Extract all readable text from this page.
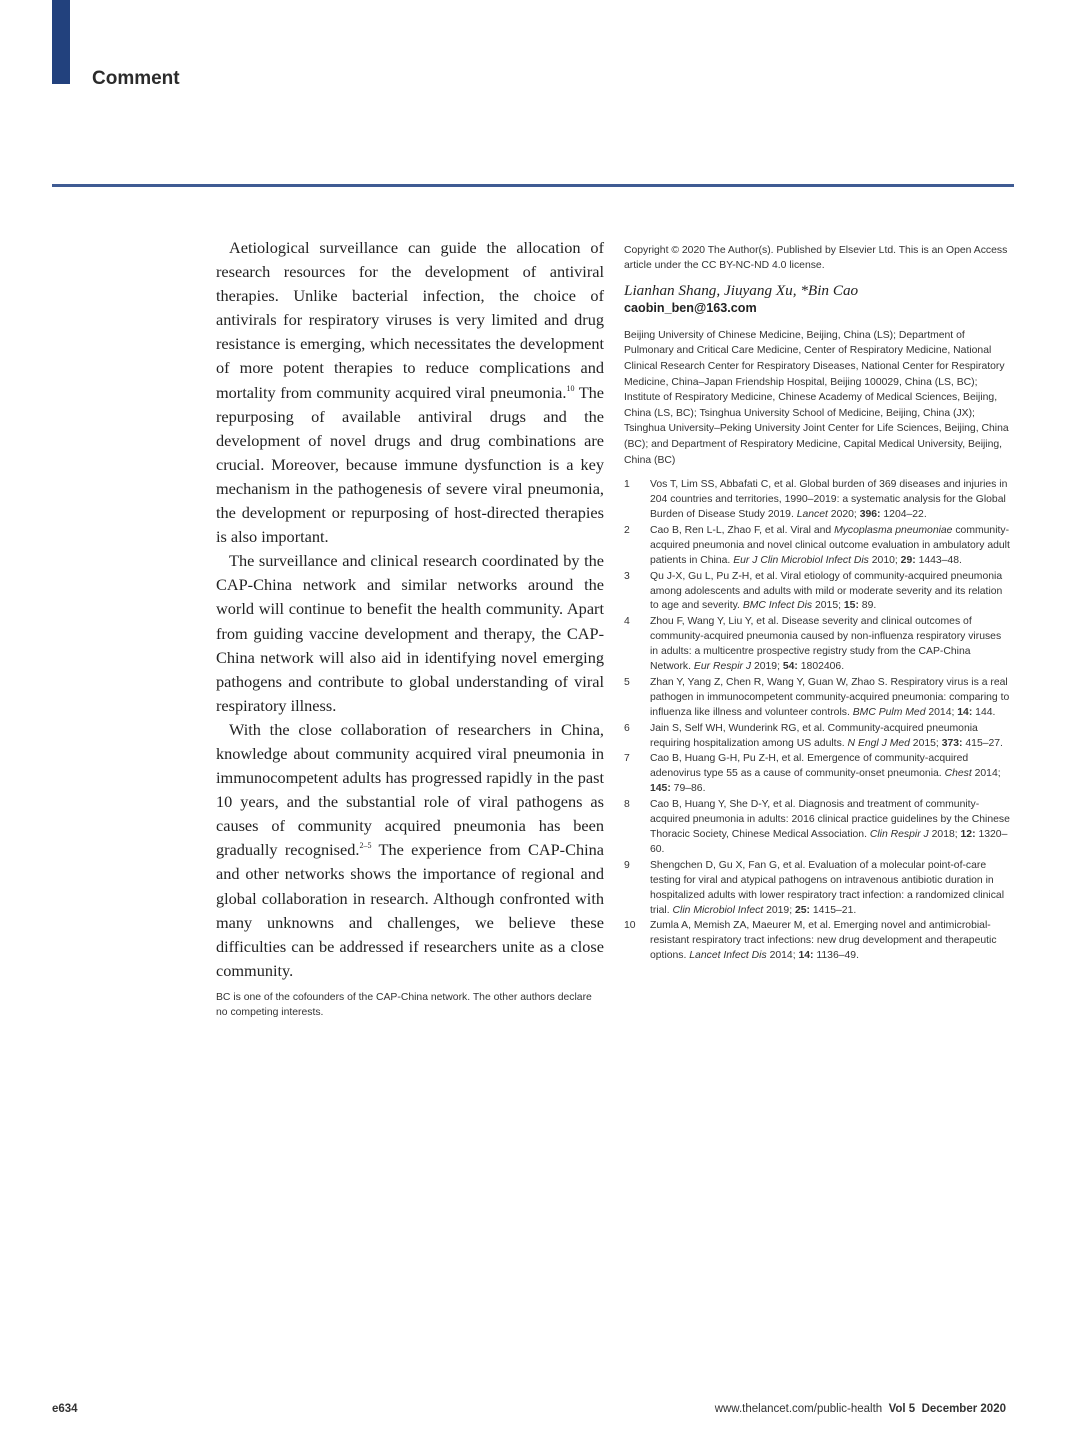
Comment

Aetiological surveillance can guide the allocation of research resources for the development of antiviral therapies. Unlike bacterial infection, the choice of antivirals for respiratory viruses is very limited and drug resistance is emerging, which necessitates the development of more potent therapies to reduce complications and mortality from community acquired viral pneumonia.$^{10}$ The repurposing of available antiviral drugs and the development of novel drugs and drug combinations are crucial. Moreover, because immune dysfunction is a key mechanism in the pathogenesis of severe viral pneumonia, the development or repurposing of host-directed therapies is also important.

The surveillance and clinical research coordinated by the CAP-China network and similar networks around the world will continue to benefit the health community. Apart from guiding vaccine development and therapy, the CAP-China network will also aid in identifying novel emerging pathogens and contribute to global understanding of viral respiratory illness.

With the close collaboration of researchers in China, knowledge about community acquired viral pneumonia in immunocompetent adults has progressed rapidly in the past 10 years, and the substantial role of viral pathogens as causes of community acquired pneumonia has been gradually recognised.$^{2-5}$ The experience from CAP-China and other networks shows the importance of regional and global collaboration in research. Although confronted with many unknowns and challenges, we believe these difficulties can be addressed if researchers unite as a close community.

BC is one of the cofounders of the CAP-China network. The other authors declare no competing interests.

Copyright © 2020 The Author(s). Published by Elsevier Ltd. This is an Open Access article under the CC BY-NC-ND 4.0 license.

Lianhan Shang, Jiuyang Xu, *Bin Cao

caobin_ben@163.com

Beijing University of Chinese Medicine, Beijing, China (LS); Department of Pulmonary and Critical Care Medicine, Center of Respiratory Medicine, National Clinical Research Center for Respiratory Diseases, National Center for Respiratory Medicine, China–Japan Friendship Hospital, Beijing 100029, China (LS, BC); Institute of Respiratory Medicine, Chinese Academy of Medical Sciences, Beijing, China (LS, BC); Tsinghua University School of Medicine, Beijing, China (JX); Tsinghua University–Peking University Joint Center for Life Sciences, Beijing, China (BC); and Department of Respiratory Medicine, Capital Medical University, Beijing, China (BC)

1	Vos T, Lim SS, Abbafati C, et al. Global burden of 369 diseases and injuries in 204 countries and territories, 1990–2019: a systematic analysis for the Global Burden of Disease Study 2019. Lancet 2020; 396: 1204–22.
2	Cao B, Ren L-L, Zhao F, et al. Viral and Mycoplasma pneumoniae community-acquired pneumonia and novel clinical outcome evaluation in ambulatory adult patients in China. Eur J Clin Microbiol Infect Dis 2010; 29: 1443–48.
3	Qu J-X, Gu L, Pu Z-H, et al. Viral etiology of community-acquired pneumonia among adolescents and adults with mild or moderate severity and its relation to age and severity. BMC Infect Dis 2015; 15: 89.
4	Zhou F, Wang Y, Liu Y, et al. Disease severity and clinical outcomes of community-acquired pneumonia caused by non-influenza respiratory viruses in adults: a multicentre prospective registry study from the CAP-China Network. Eur Respir J 2019; 54: 1802406.
5	Zhan Y, Yang Z, Chen R, Wang Y, Guan W, Zhao S. Respiratory virus is a real pathogen in immunocompetent community-acquired pneumonia: comparing to influenza like illness and volunteer controls. BMC Pulm Med 2014; 14: 144.
6	Jain S, Self WH, Wunderink RG, et al. Community-acquired pneumonia requiring hospitalization among US adults. N Engl J Med 2015; 373: 415–27.
7	Cao B, Huang G-H, Pu Z-H, et al. Emergence of community-acquired adenovirus type 55 as a cause of community-onset pneumonia. Chest 2014; 145: 79–86.
8	Cao B, Huang Y, She D-Y, et al. Diagnosis and treatment of community-acquired pneumonia in adults: 2016 clinical practice guidelines by the Chinese Thoracic Society, Chinese Medical Association. Clin Respir J 2018; 12: 1320–60.
9	Shengchen D, Gu X, Fan G, et al. Evaluation of a molecular point-of-care testing for viral and atypical pathogens on intravenous antibiotic duration in hospitalized adults with lower respiratory tract infection: a randomized clinical trial. Clin Microbiol Infect 2019; 25: 1415–21.
10	Zumla A, Memish ZA, Maeurer M, et al. Emerging novel and antimicrobial-resistant respiratory tract infections: new drug development and therapeutic options. Lancet Infect Dis 2014; 14: 1136–49.
e634	www.thelancet.com/public-health Vol 5 December 2020
